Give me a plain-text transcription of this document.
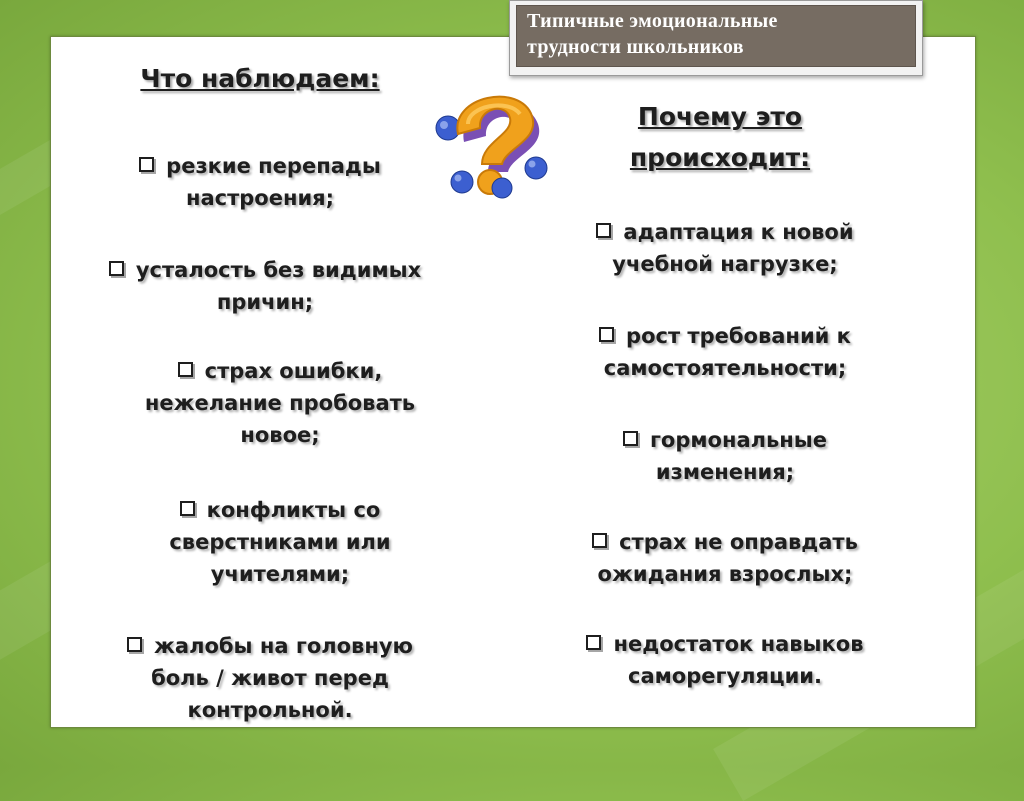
Типичные эмоциональные
трудности школьников
Что наблюдаем:
резкие перепады
настроения;
усталость без видимых
причин;
страх ошибки,
нежелание пробовать
новое;
конфликты со
сверстниками или
учителями;
жалобы на головную
боль / живот перед
контрольной.
Почему это
происходит:
адаптация к новой
учебной нагрузке;
рост требований к
самостоятельности;
гормональные
изменения;
страх не оправдать
ожидания взрослых;
недостаток навыков
саморегуляции.
